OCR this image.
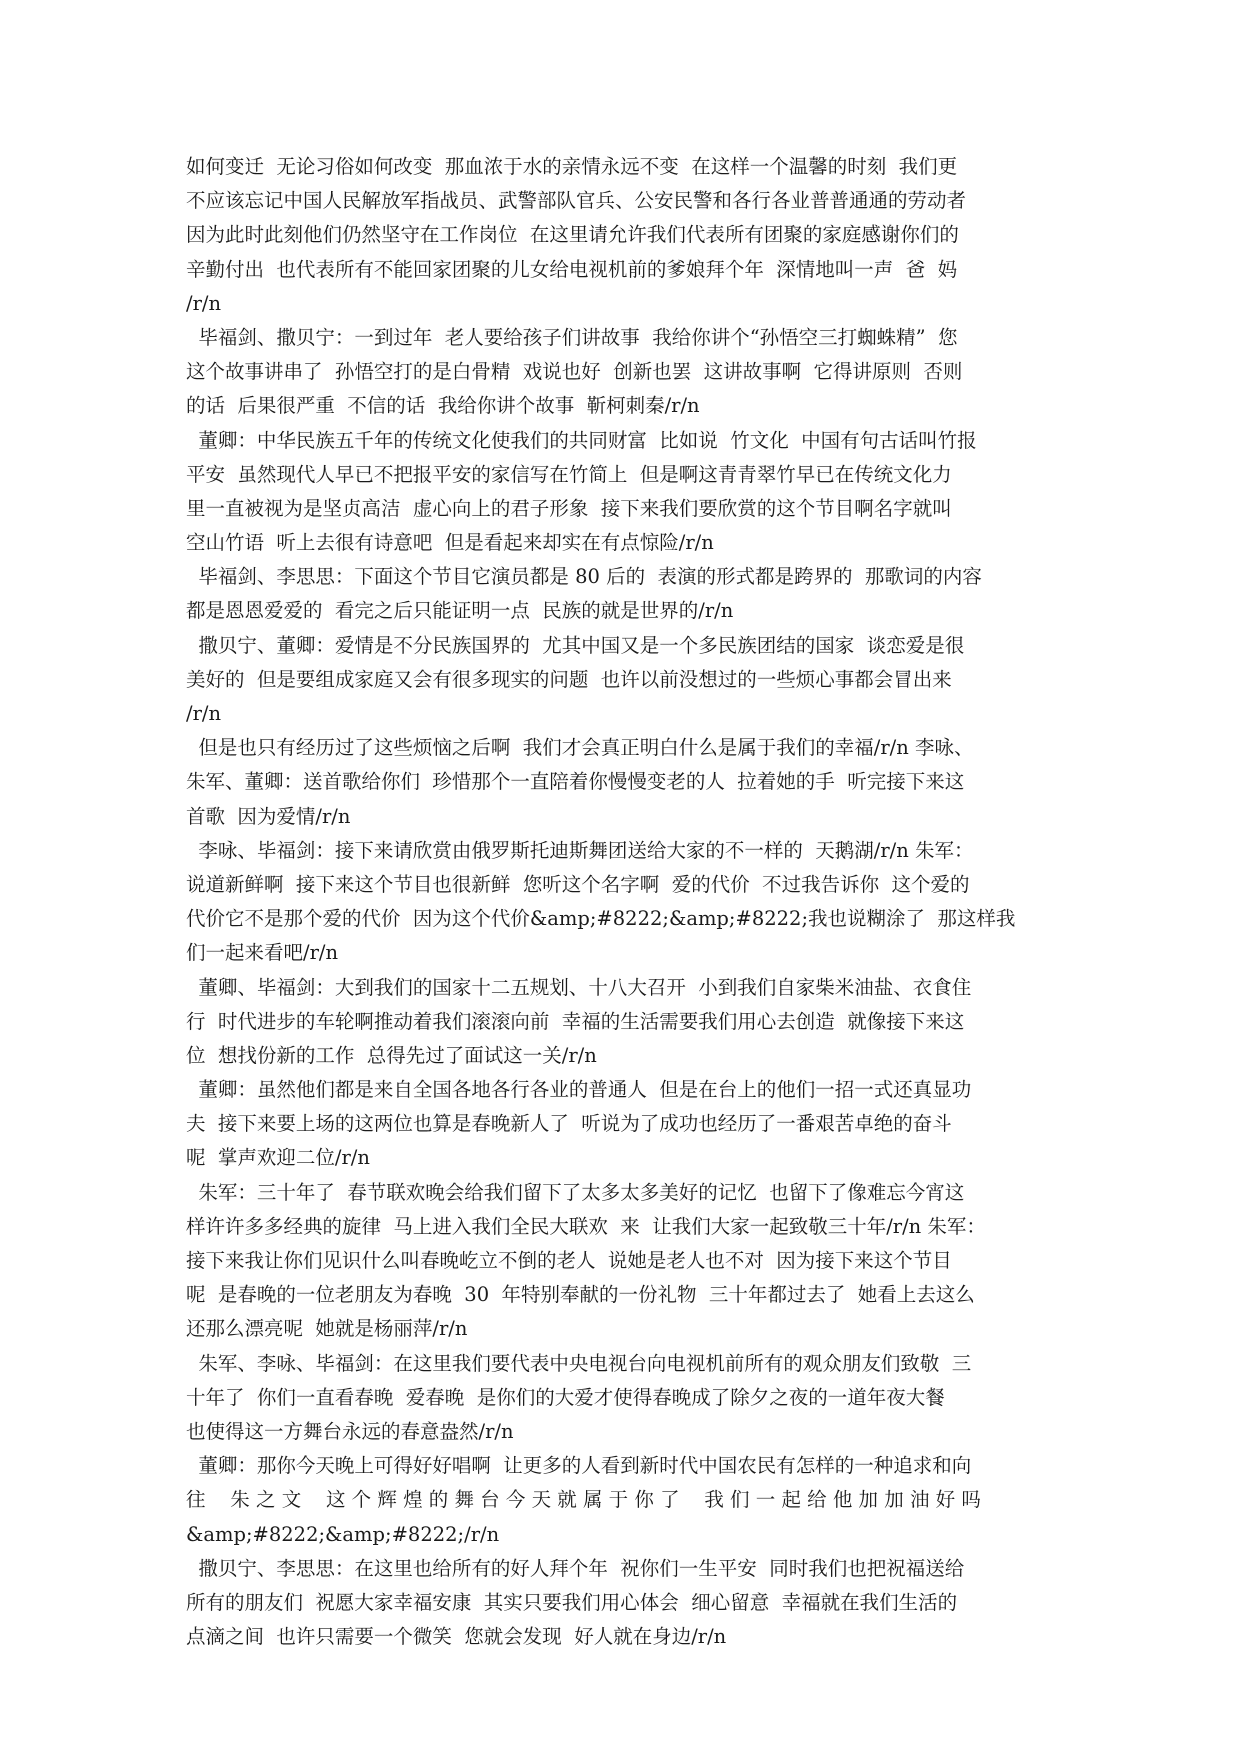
如何变迁  无论习俗如何改变  那血浓于水的亲情永远不变  在这样一个温馨的时刻  我们更
不应该忘记中国人民解放军指战员、武警部队官兵、公安民警和各行各业普普通通的劳动者
因为此时此刻他们仍然坚守在工作岗位  在这里请允许我们代表所有团聚的家庭感谢你们的
辛勤付出  也代表所有不能回家团聚的儿女给电视机前的爹娘拜个年  深情地叫一声  爸  妈
/r/n
毕福剑、撒贝宁：一到过年  老人要给孩子们讲故事  我给你讲个“孙悟空三打蜘蛛精”  您
这个故事讲串了  孙悟空打的是白骨精  戏说也好  创新也罢  这讲故事啊  它得讲原则  否则
的话  后果很严重  不信的话  我给你讲个故事  靳柯刺秦/r/n
董卿：中华民族五千年的传统文化使我们的共同财富  比如说  竹文化  中国有句古话叫竹报
平安  虽然现代人早已不把报平安的家信写在竹简上  但是啊这青青翠竹早已在传统文化力
里一直被视为是坚贞高洁  虚心向上的君子形象  接下来我们要欣赏的这个节目啊名字就叫
空山竹语  听上去很有诗意吧  但是看起来却实在有点惊险/r/n
毕福剑、李思思：下面这个节目它演员都是 80 后的  表演的形式都是跨界的  那歌词的内容
都是恩恩爱爱的  看完之后只能证明一点  民族的就是世界的/r/n
撒贝宁、董卿：爱情是不分民族国界的  尤其中国又是一个多民族团结的国家  谈恋爱是很
美好的  但是要组成家庭又会有很多现实的问题  也许以前没想过的一些烦心事都会冒出来
/r/n
但是也只有经历过了这些烦恼之后啊  我们才会真正明白什么是属于我们的幸福/r/n 李咏、
朱军、董卿：送首歌给你们  珍惜那个一直陪着你慢慢变老的人  拉着她的手  听完接下来这
首歌  因为爱情/r/n
李咏、毕福剑：接下来请欣赏由俄罗斯托迪斯舞团送给大家的不一样的  天鹅湖/r/n 朱军：
说道新鲜啊  接下来这个节目也很新鲜  您听这个名字啊  爱的代价  不过我告诉你  这个爱的
代价它不是那个爱的代价  因为这个代价&amp;#8222;&amp;#8222;我也说糊涂了  那这样我
们一起来看吧/r/n
董卿、毕福剑：大到我们的国家十二五规划、十八大召开  小到我们自家柴米油盐、衣食住
行  时代进步的车轮啊推动着我们滚滚向前  幸福的生活需要我们用心去创造  就像接下来这
位  想找份新的工作  总得先过了面试这一关/r/n
董卿：虽然他们都是来自全国各地各行各业的普通人  但是在台上的他们一招一式还真显功
夫  接下来要上场的这两位也算是春晚新人了  听说为了成功也经历了一番艰苦卓绝的奋斗
呢  掌声欢迎二位/r/n
朱军：三十年了  春节联欢晚会给我们留下了太多太多美好的记忆  也留下了像难忘今宵这
样许许多多经典的旋律  马上进入我们全民大联欢  来  让我们大家一起致敬三十年/r/n 朱军：
接下来我让你们见识什么叫春晚屹立不倒的老人  说她是老人也不对  因为接下来这个节目
呢  是春晚的一位老朋友为春晚  30  年特别奉献的一份礼物  三十年都过去了  她看上去这么
还那么漂亮呢  她就是杨丽萍/r/n
朱军、李咏、毕福剑：在这里我们要代表中央电视台向电视机前所有的观众朋友们致敬  三
十年了  你们一直看春晚  爱春晚  是你们的大爱才使得春晚成了除夕之夜的一道年夜大餐
也使得这一方舞台永远的春意盎然/r/n
董卿：那你今天晚上可得好好唱啊  让更多的人看到新时代中国农民有怎样的一种追求和向
往    朱 之 文    这 个 辉 煌 的 舞 台 今 天 就 属 于 你 了    我 们 一 起 给 他 加 加 油 好 吗
&amp;#8222;&amp;#8222;/r/n
撒贝宁、李思思：在这里也给所有的好人拜个年  祝你们一生平安  同时我们也把祝福送给
所有的朋友们  祝愿大家幸福安康  其实只要我们用心体会  细心留意  幸福就在我们生活的
点滴之间  也许只需要一个微笑  您就会发现  好人就在身边/r/n
